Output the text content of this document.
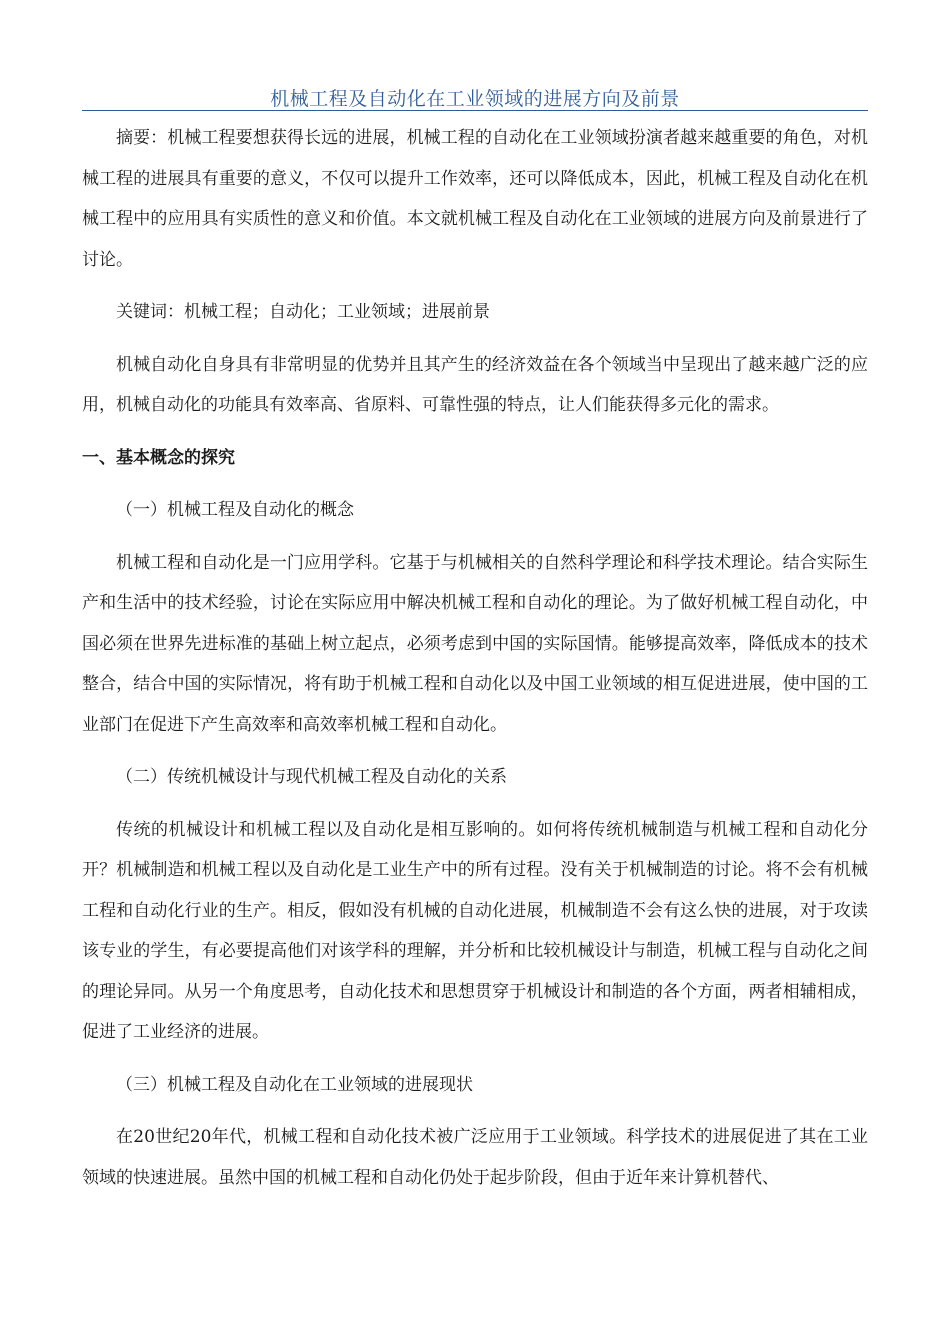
机械工程及自动化在工业领域的进展方向及前景

摘要：机械工程要想获得长远的进展，机械工程的自动化在工业领域扮演者越来越重要的角色，对机械工程的进展具有重要的意义，不仅可以提升工作效率，还可以降低成本，因此，机械工程及自动化在机械工程中的应用具有实质性的意义和价值。本文就机械工程及自动化在工业领域的进展方向及前景进行了讨论。

关键词：机械工程；自动化；工业领域；进展前景

机械自动化自身具有非常明显的优势并且其产生的经济效益在各个领域当中呈现出了越来越广泛的应用，机械自动化的功能具有效率高、省原料、可靠性强的特点，让人们能获得多元化的需求。

一、基本概念的探究

（一）机械工程及自动化的概念

机械工程和自动化是一门应用学科。它基于与机械相关的自然科学理论和科学技术理论。结合实际生产和生活中的技术经验，讨论在实际应用中解决机械工程和自动化的理论。为了做好机械工程自动化，中国必须在世界先进标准的基础上树立起点，必须考虑到中国的实际国情。能够提高效率，降低成本的技术整合，结合中国的实际情况，将有助于机械工程和自动化以及中国工业领域的相互促进进展，使中国的工业部门在促进下产生高效率和高效率机械工程和自动化。

（二）传统机械设计与现代机械工程及自动化的关系

传统的机械设计和机械工程以及自动化是相互影响的。如何将传统机械制造与机械工程和自动化分开？机械制造和机械工程以及自动化是工业生产中的所有过程。没有关于机械制造的讨论。将不会有机械工程和自动化行业的生产。相反，假如没有机械的自动化进展，机械制造不会有这么快的进展，对于攻读该专业的学生，有必要提高他们对该学科的理解，并分析和比较机械设计与制造，机械工程与自动化之间的理论异同。从另一个角度思考，自动化技术和思想贯穿于机械设计和制造的各个方面，两者相辅相成，促进了工业经济的进展。

（三）机械工程及自动化在工业领域的进展现状

在20世纪20年代，机械工程和自动化技术被广泛应用于工业领域。科学技术的进展促进了其在工业领域的快速进展。虽然中国的机械工程和自动化仍处于起步阶段，但由于近年来计算机替代、
